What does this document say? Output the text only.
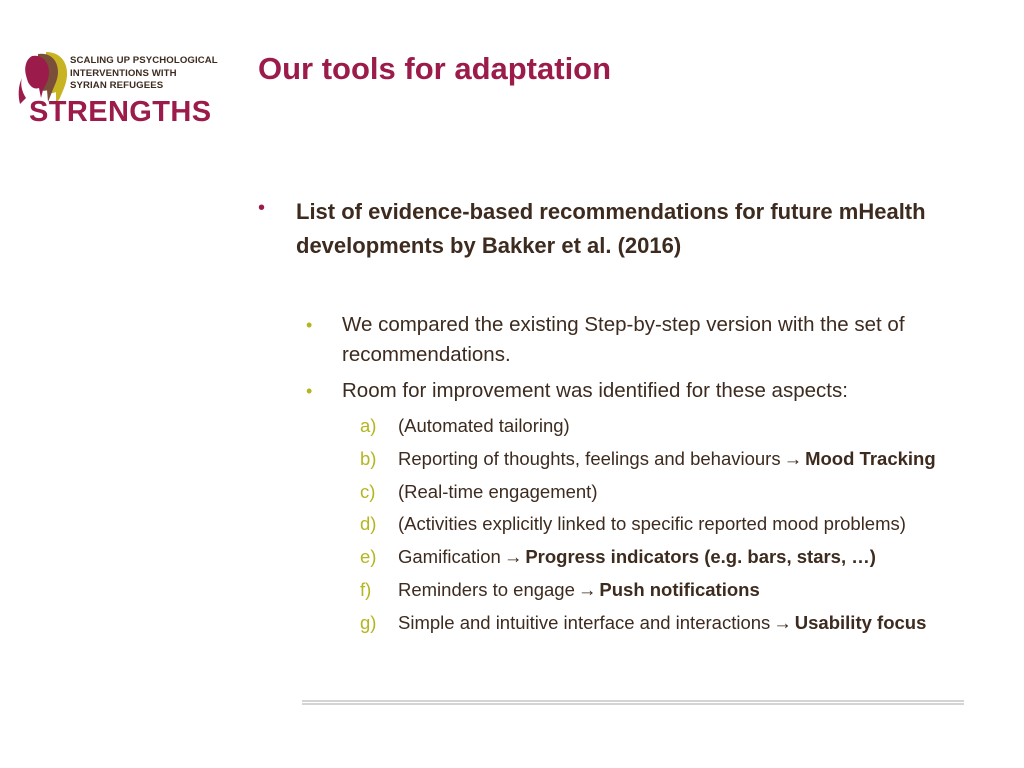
SCALING UP PSYCHOLOGICAL
INTERVENTIONS WITH
SYRIAN REFUGEES
STRENGTHS
Our tools for adaptation
• List of evidence-based recommendations for future mHealth developments by Bakker et al. (2016)
• We compared the existing Step-by-step version with the set of recommendations.
• Room for improvement was identified for these aspects:
a) (Automated tailoring)
b) Reporting of thoughts, feelings and behaviours → Mood Tracking
c) (Real-time engagement)
d) (Activities explicitly linked to specific reported mood problems)
e) Gamification → Progress indicators (e.g. bars, stars, …)
f) Reminders to engage → Push notifications
g) Simple and intuitive interface and interactions → Usability focus
